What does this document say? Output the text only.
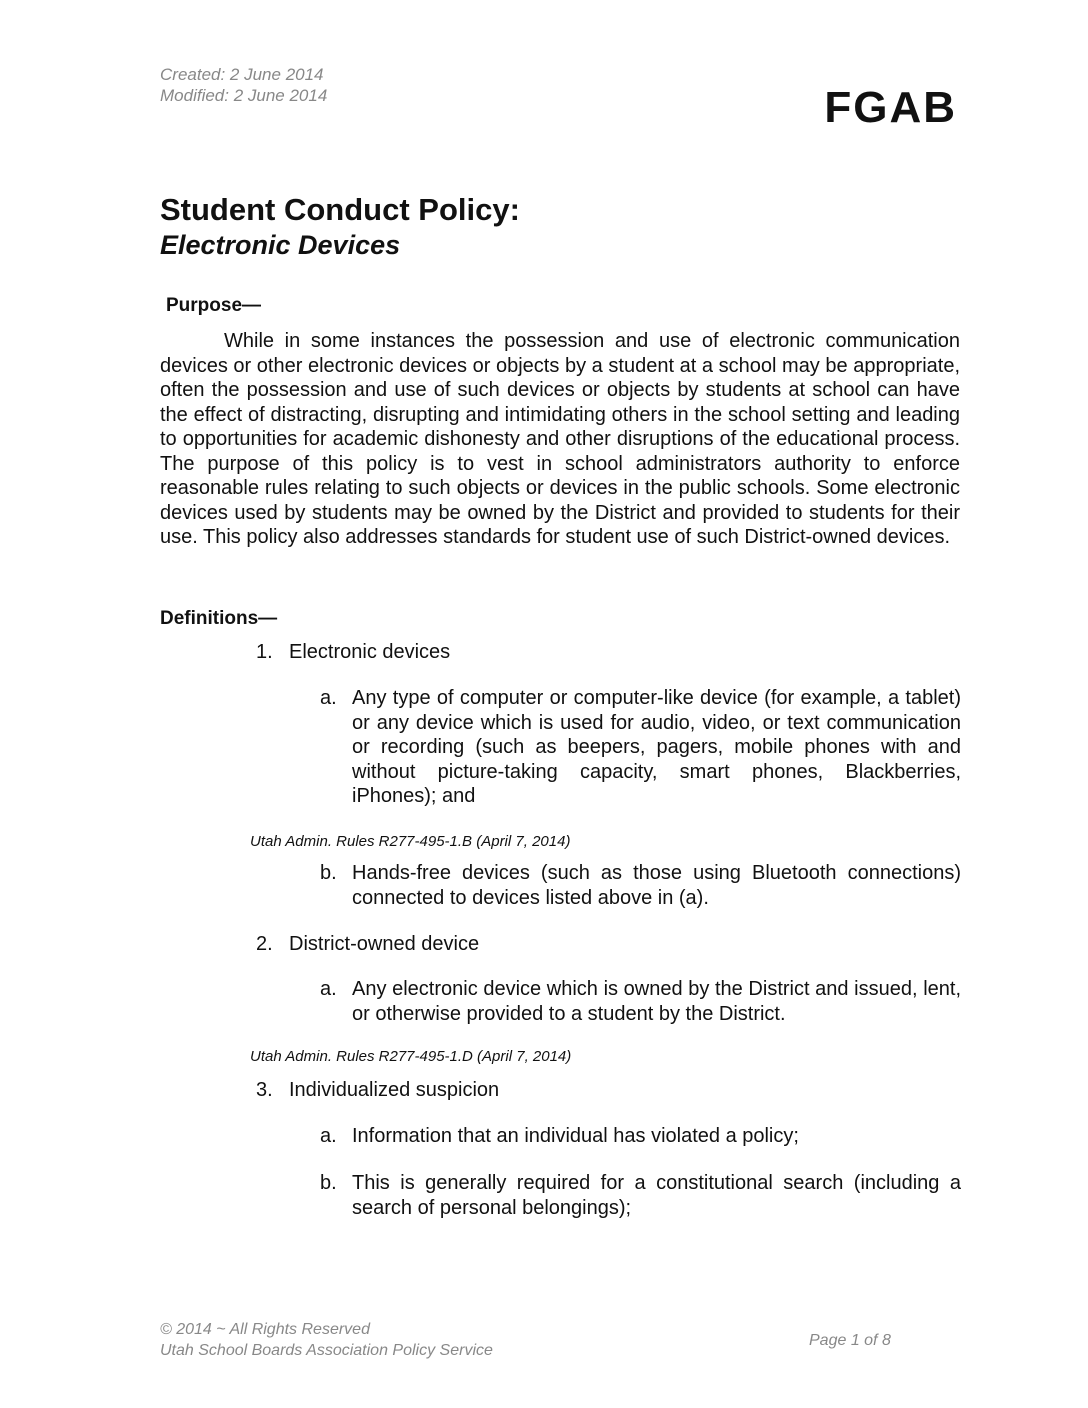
Created: 2 June 2014
Modified: 2 June 2014	FGAB
Student Conduct Policy:
Electronic Devices
Purpose—
While in some instances the possession and use of electronic communication devices or other electronic devices or objects by a student at a school may be appropriate, often the possession and use of such devices or objects by students at school can have the effect of distracting, disrupting and intimidating others in the school setting and leading to opportunities for academic dishonesty and other disruptions of the educational process. The purpose of this policy is to vest in school administrators authority to enforce reasonable rules relating to such objects or devices in the public schools. Some electronic devices used by students may be owned by the District and provided to students for their use. This policy also addresses standards for student use of such District-owned devices.
Definitions—
1. Electronic devices
a. Any type of computer or computer-like device (for example, a tablet) or any device which is used for audio, video, or text communication or recording (such as beepers, pagers, mobile phones with and without picture-taking capacity, smart phones, Blackberries, iPhones); and
Utah Admin. Rules R277-495-1.B (April 7, 2014)
b. Hands-free devices (such as those using Bluetooth connections) connected to devices listed above in (a).
2. District-owned device
a. Any electronic device which is owned by the District and issued, lent, or otherwise provided to a student by the District.
Utah Admin. Rules R277-495-1.D (April 7, 2014)
3. Individualized suspicion
a. Information that an individual has violated a policy;
b. This is generally required for a constitutional search (including a search of personal belongings);
© 2014 ~ All Rights Reserved
Utah School Boards Association Policy Service
Page 1 of 8
